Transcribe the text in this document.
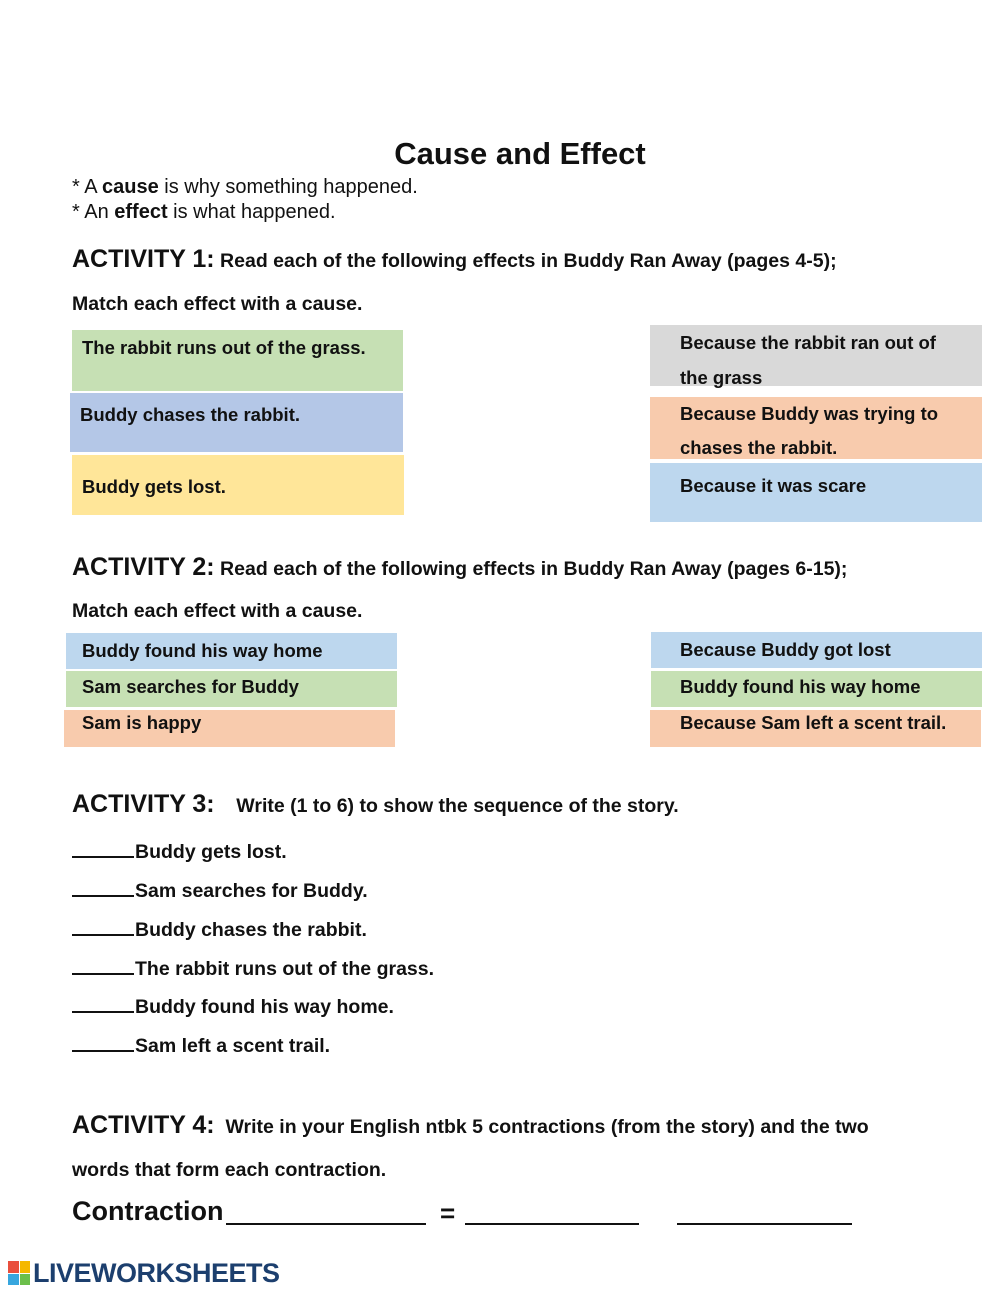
Cause and Effect
* A cause is why something happened.
* An effect is what happened.
ACTIVITY 1: Read each of the following effects in Buddy Ran Away (pages 4-5);
Match each effect with a cause.
The rabbit runs out of the grass.
Buddy chases the rabbit.
Buddy gets lost.
Because the rabbit ran out of the grass
Because Buddy was trying to chases the rabbit.
Because it was scare
ACTIVITY 2: Read each of the following effects in Buddy Ran Away (pages 6-15);
Match each effect with a cause.
Buddy found his way home
Sam searches for Buddy
Sam is happy
Because Buddy got lost
Buddy found his way home
Because Sam left a scent trail.
ACTIVITY 3: Write (1 to 6) to show the sequence of the story.
Buddy gets lost.
Sam searches for Buddy.
Buddy chases the rabbit.
The rabbit runs out of the grass.
Buddy found his way home.
Sam left a scent trail.
ACTIVITY 4: Write in your English ntbk 5 contractions (from the story) and the two
words that form each contraction.
Contraction	=
LIVEWORKSHEETS
